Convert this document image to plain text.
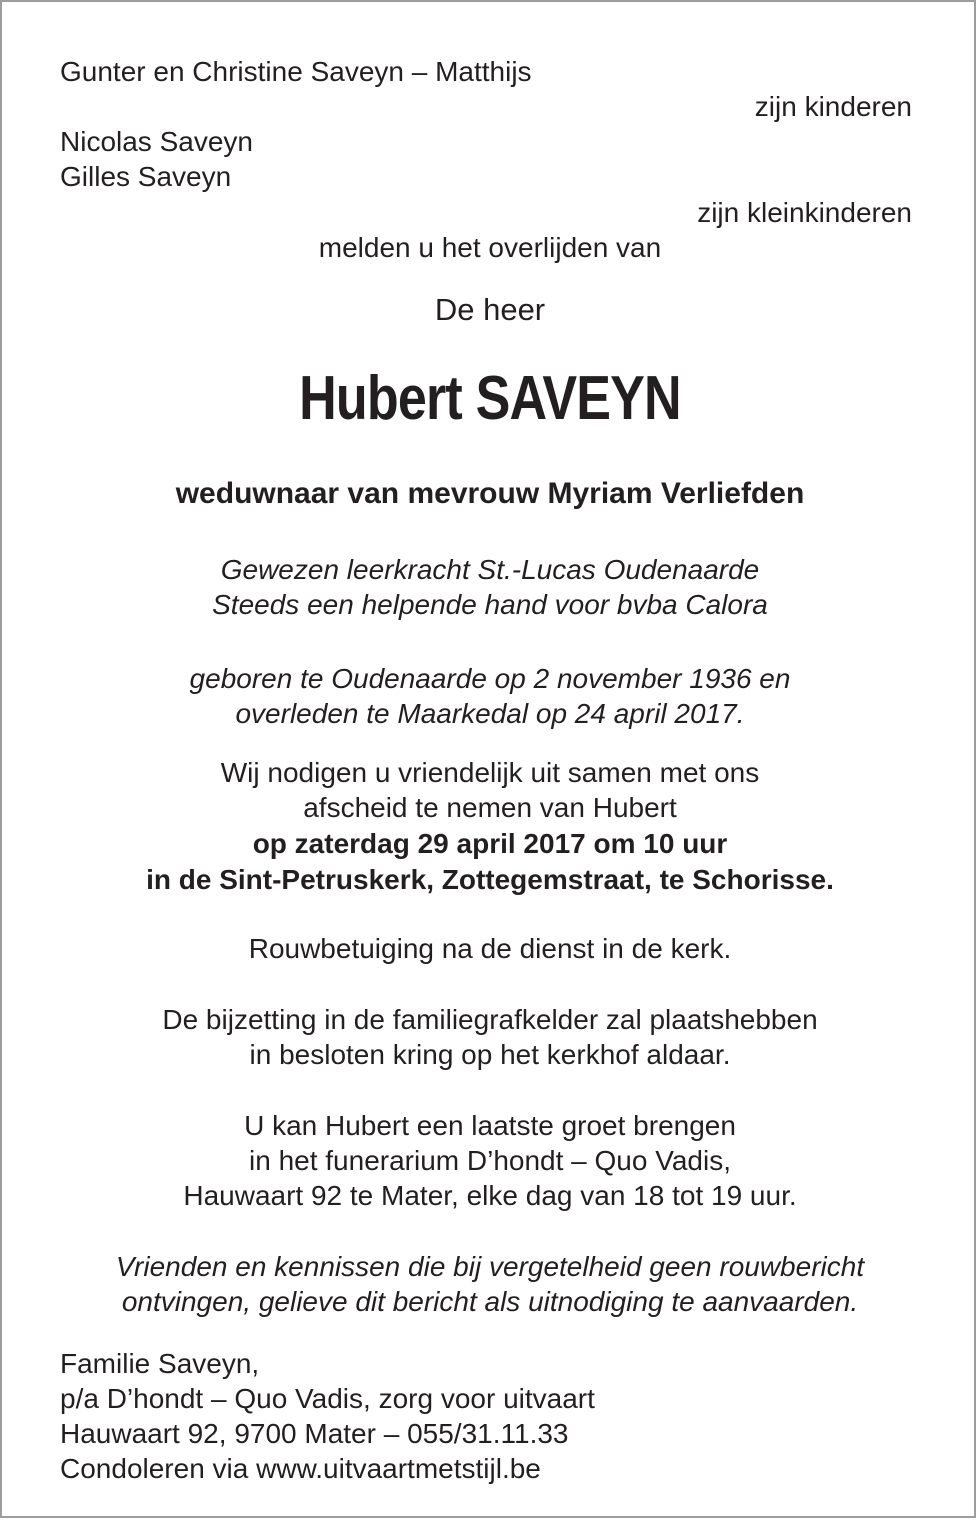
Gunter en Christine Saveyn – Matthijs
zijn kinderen
Nicolas Saveyn
Gilles Saveyn
zijn kleinkinderen
melden u het overlijden van
De heer
Hubert SAVEYN
weduwnaar van mevrouw Myriam Verliefden
Gewezen leerkracht St.-Lucas Oudenaarde
Steeds een helpende hand voor bvba Calora
geboren te Oudenaarde op 2 november 1936 en
overleden te Maarkedal op 24 april 2017.
Wij nodigen u vriendelijk uit samen met ons
afscheid te nemen van Hubert
op zaterdag 29 april 2017 om 10 uur
in de Sint-Petruskerk, Zottegemstraat, te Schorisse.
Rouwbetuiging na de dienst in de kerk.
De bijzetting in de familiegrafkelder zal plaatshebben
in besloten kring op het kerkhof aldaar.
U kan Hubert een laatste groet brengen
in het funerarium D’hondt – Quo Vadis,
Hauwaart 92 te Mater, elke dag van 18 tot 19 uur.
Vrienden en kennissen die bij vergetelheid geen rouwbericht
ontvingen, gelieve dit bericht als uitnodiging te aanvaarden.
Familie Saveyn,
p/a D’hondt – Quo Vadis, zorg voor uitvaart
Hauwaart 92, 9700 Mater – 055/31.11.33
Condoleren via www.uitvaartmetstijl.be
